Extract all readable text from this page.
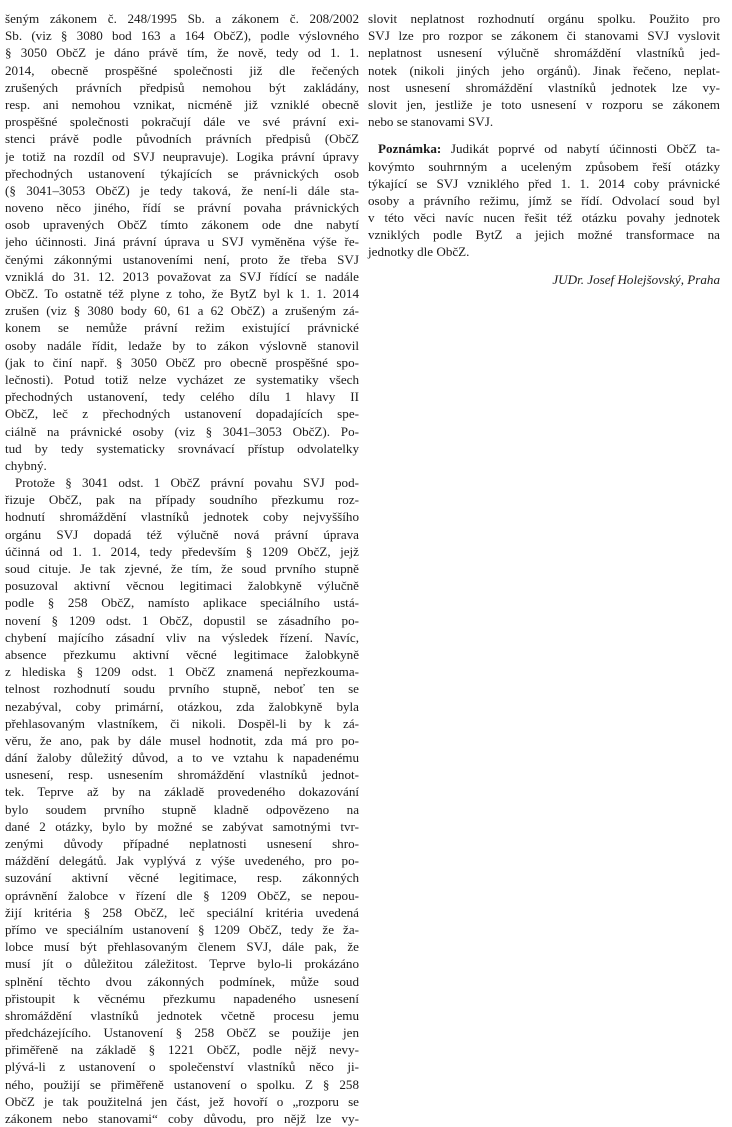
šeným zákonem č. 248/1995 Sb. a zákonem č. 208/2002
Sb. (viz § 3080 bod 163 a 164 ObčZ), podle výslovného
§ 3050 ObčZ je dáno právě tím, že nově, tedy od 1. 1.
2014, obecně prospěšné společnosti již dle řečených
zrušených právních předpisů nemohou být zakládány,
resp. ani nemohou vznikat, nicméně již vzniklé obecně
prospěšné společnosti pokračují dále ve své právní exi-
stenci právě podle původních právních předpisů (ObčZ
je totiž na rozdíl od SVJ neupravuje). Logika právní úpravy
přechodných ustanovení týkajících se právnických osob
(§ 3041–3053 ObčZ) je tedy taková, že není-li dále sta-
noveno něco jiného, řídí se právní povaha právnických
osob upravených ObčZ tímto zákonem ode dne nabytí
jeho účinnosti. Jiná právní úprava u SVJ vyměněna výše ře-
čenými zákonnými ustanoveními není, proto že třeba SVJ
vzniklá do 31. 12. 2013 považovat za SVJ řídící se nadále
ObčZ. To ostatně též plyne z toho, že BytZ byl k 1. 1. 2014
zrušen (viz § 3080 body 60, 61 a 62 ObčZ) a zrušeným zá-
konem se nemůže právní režim existující právnické
osoby nadále řídit, ledaže by to zákon výslovně stanovil
(jak to činí např. § 3050 ObčZ pro obecně prospěšné spo-
lečnosti). Potud totiž nelze vycházet ze systematiky všech
přechodných ustanovení, tedy celého dílu 1 hlavy II
ObčZ, leč z přechodných ustanovení dopadajících spe-
ciálně na právnické osoby (viz § 3041–3053 ObčZ). Po-
tud by tedy systematicky srovnávací přístup odvolatelky
chybný.
Protože § 3041 odst. 1 ObčZ právní povahu SVJ pod-
řizuje ObčZ, pak na případy soudního přezkumu roz-
hodnutí shromáždění vlastníků jednotek coby nejvyššího
orgánu SVJ dopadá též výlučně nová právní úprava
účinná od 1. 1. 2014, tedy především § 1209 ObčZ, jejž
soud cituje. Je tak zjevné, že tím, že soud prvního stupně
posuzoval aktivní věcnou legitimaci žalobkyně výlučně
podle § 258 ObčZ, namísto aplikace speciálního ustá-
novení § 1209 odst. 1 ObčZ, dopustil se zásadního po-
chybení majícího zásadní vliv na výsledek řízení. Navíc,
absence přezkumu aktivní věcné legitimace žalobkyně
z hlediska § 1209 odst. 1 ObčZ znamená nepřezkouma-
telnost rozhodnutí soudu prvního stupně, neboť ten se
nezabýval, coby primární, otázkou, zda žalobkyně byla
přehlasovaným vlastníkem, či nikoli. Dospěl-li by k zá-
věru, že ano, pak by dále musel hodnotit, zda má pro po-
dání žaloby důležitý důvod, a to ve vztahu k napadenému
usnesení, resp. usnesením shromáždění vlastníků jednot-
tek. Teprve až by na základě provedeného dokazování
bylo soudem prvního stupně kladně odpovězeno na
dané 2 otázky, bylo by možné se zabývat samotnými tvr-
zenými důvody případné neplatnosti usnesení shro-
máždění delegátů. Jak vyplývá z výše uvedeného, pro po-
suzování aktivní věcné legitimace, resp. zákonných
oprávnění žalobce v řízení dle § 1209 ObčZ, se nepou-
žijí kritéria § 258 ObčZ, leč speciální kritéria uvedená
přímo ve speciálním ustanovení § 1209 ObčZ, tedy že ža-
lobce musí být přehlasovaným členem SVJ, dále pak, že
musí jít o důležitou záležitost. Teprve bylo-li prokázáno
splnění těchto dvou zákonných podmínek, může soud
přistoupit k věcnému přezkumu napadeného usnesení
shromáždění vlastníků jednotek včetně procesu jemu
předcházejícího. Ustanovení § 258 ObčZ se použije jen
přiměřeně na základě § 1221 ObčZ, podle nějž nevy-
plývá-li z ustanovení o společenství vlastníků něco ji-
ného, použijí se přiměřeně ustanovení o spolku. Z § 258
ObčZ je tak použitelná jen část, jež hovoří o „rozporu se
zákonem nebo stanovami“ coby důvodu, pro nějž lze vy-
slovit neplatnost rozhodnutí orgánu spolku. Použito pro
SVJ lze pro rozpor se zákonem či stanovami SVJ vyslovit
neplatnost usnesení výlučně shromáždění vlastníků jed-
notek (nikoli jiných jeho orgánů). Jinak řečeno, neplat-
nost usnesení shromáždění vlastníků jednotek lze vy-
slovit jen, jestliže je toto usnesení v rozporu se zákonem
nebo se stanovami SVJ.
Poznámka: Judikát poprvé od nabytí účinnosti ObčZ ta-
kovýmto souhrnným a uceleným způsobem řeší otázky
týkající se SVJ vzniklého před 1. 1. 2014 coby právnické
osoby a právního režimu, jímž se řídí. Odvolací soud byl
v této věci navíc nucen řešit též otázku povahy jednotek
vzniklých podle BytZ a jejich možné transformace na
jednotky dle ObčZ.
JUDr. Josef Holejšovský, Praha
